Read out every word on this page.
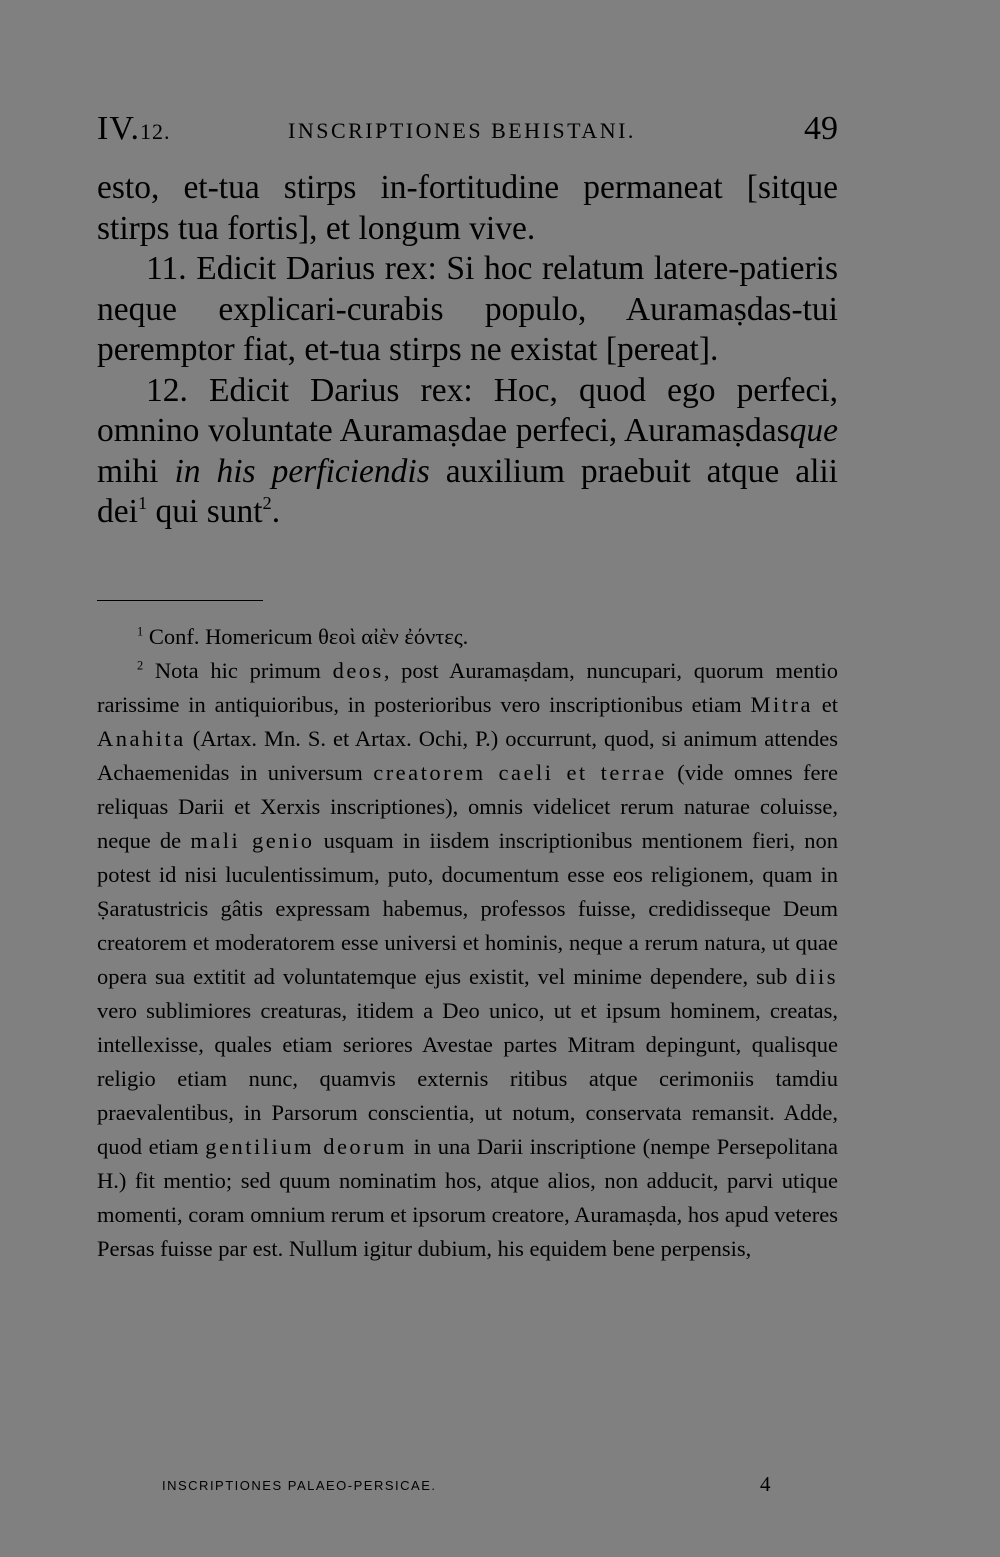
IV.12.	INSCRIPTIONES BEHISTANI.	49

esto, et-tua stirps in-fortitudine permaneat [sitque stirps tua fortis], et longum vive.

11. Edicit Darius rex: Si hoc relatum latere-patieris neque explicari-curabis populo, Auramaṣdas-tui peremptor fiat, et-tua stirps ne existat [pereat].

12. Edicit Darius rex: Hoc, quod ego perfeci, omnino voluntate Auramaṣdae perfeci, Auramaṣdasque mihi in his perficiendis auxilium praebuit atque alii dei$^1$ qui sunt$^2$.

$^1$ Conf. Homericum θεοὶ αἰὲν ἐόντες.

$^2$ Nota hic primum deos, post Auramaṣdam, nuncupari, quorum mentio rarissime in antiquioribus, in posterioribus vero inscriptionibus etiam Mitra et Anahita (Artax. Mn. S. et Artax. Ochi, P.) occurrunt, quod, si animum attendes Achaemenidas in universum creatorem caeli et terrae (vide omnes fere reliquas Darii et Xerxis inscriptiones), omnis videlicet rerum naturae coluisse, neque de mali genio usquam in iisdem inscriptionibus mentionem fieri, non potest id nisi luculentissimum, puto, documentum esse eos religionem, quam in Ṣaratustricis gâtis expressam habemus, professos fuisse, credidisseque Deum creatorem et moderatorem esse universi et hominis, neque a rerum natura, ut quae opera sua extitit ad voluntatemque ejus existit, vel minime dependere, sub diis vero sublimiores creaturas, itidem a Deo unico, ut et ipsum hominem, creatas, intellexisse, quales etiam seriores Avestae partes Mitram depingunt, qualisque religio etiam nunc, quamvis externis ritibus atque cerimoniis tamdiu praevalentibus, in Parsorum conscientia, ut notum, conservata remansit. Adde, quod etiam gentilium deorum in una Darii inscriptione (nempe Persepolitana H.) fit mentio; sed quum nominatim hos, atque alios, non adducit, parvi utique momenti, coram omnium rerum et ipsorum creatore, Auramaṣda, hos apud veteres Persas fuisse par est. Nullum igitur dubium, his equidem bene perpensis,

INSCRIPTIONES PALAEO-PERSICAE.	4
